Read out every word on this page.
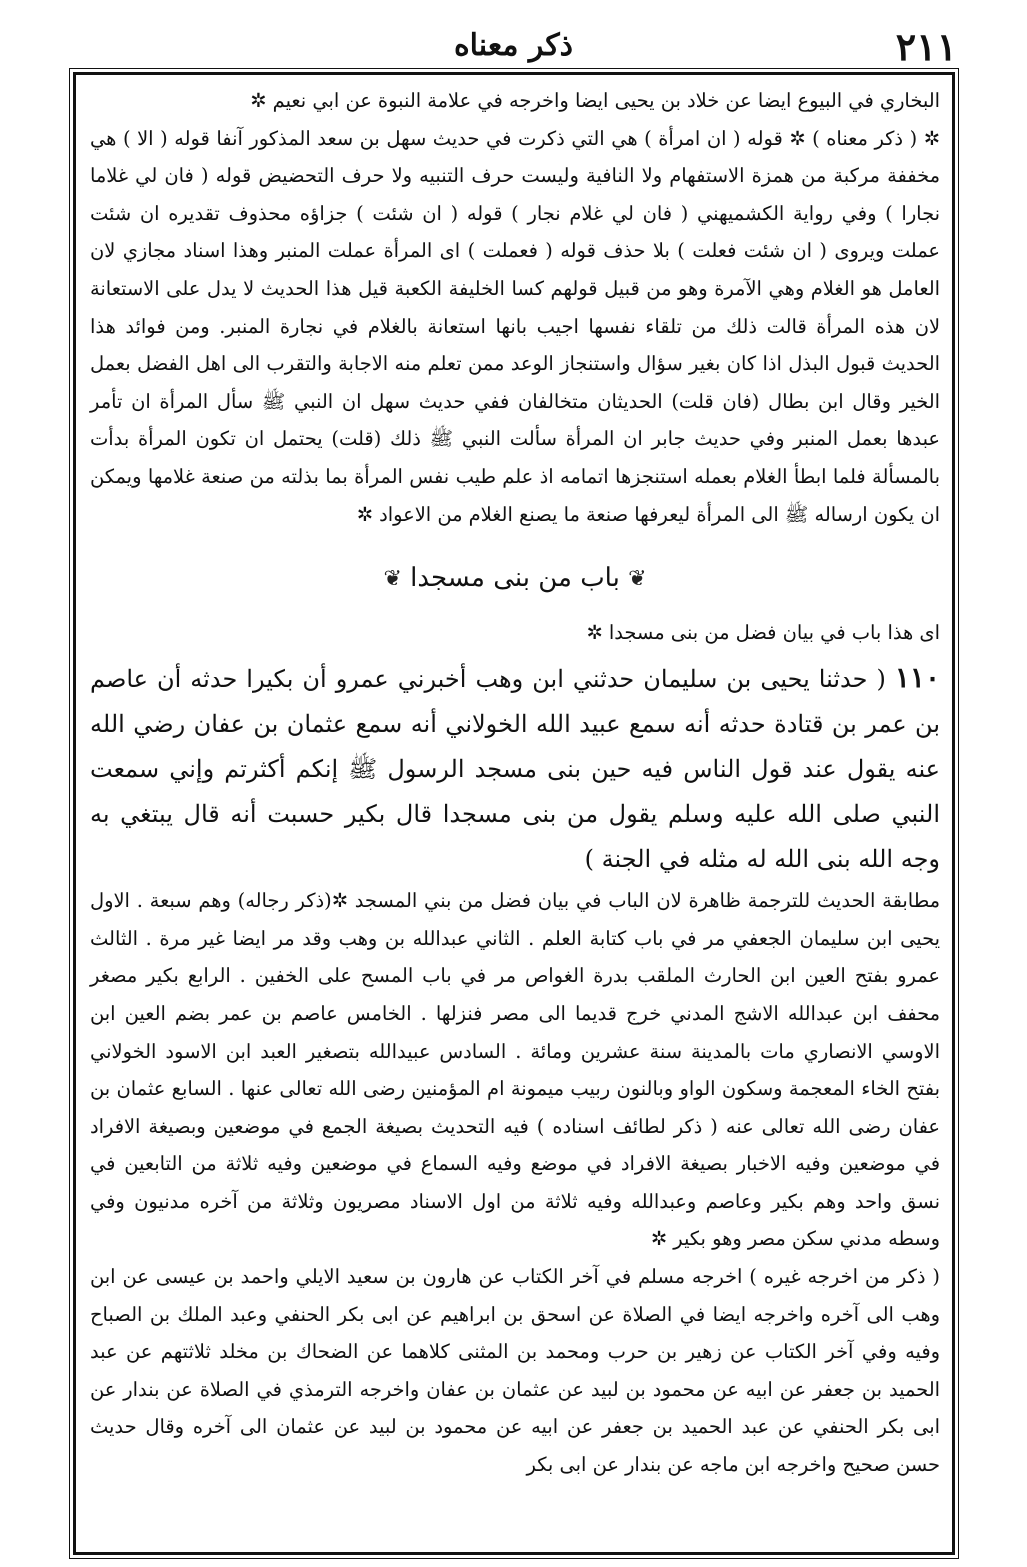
٢١١
ذكر معناه

البخاري في البيوع ايضا عن خلاد بن يحيى ايضا واخرجه في علامة النبوة عن ابي نعيم ✲

✲ ( ذكر معناه ) ✲ قوله ( ان امرأة ) هي التي ذكرت في حديث سهل بن سعد المذكور آنفا قوله ( الا ) هي مخففة مركبة من همزة الاستفهام ولا النافية وليست حرف التنبيه ولا حرف التحضيض قوله ( فان لي غلاما نجارا ) وفي رواية الكشميهني ( فان لي غلام نجار ) قوله ( ان شئت ) جزاؤه محذوف تقديره ان شئت عملت ويروى ( ان شئت فعلت ) بلا حذف قوله ( فعملت ) اى المرأة عملت المنبر وهذا اسناد مجازي لان العامل هو الغلام وهي الآمرة وهو من قبيل قولهم كسا الخليفة الكعبة قيل هذا الحديث لا يدل على الاستعانة لان هذه المرأة قالت ذلك من تلقاء نفسها اجيب بانها استعانة بالغلام في نجارة المنبر. ومن فوائد هذا الحديث قبول البذل اذا كان بغير سؤال واستنجاز الوعد ممن تعلم منه الاجابة والتقرب الى اهل الفضل بعمل الخير وقال ابن بطال (فان قلت) الحديثان متخالفان ففي حديث سهل ان النبي ﷺ سأل المرأة ان تأمر عبدها بعمل المنبر وفي حديث جابر ان المرأة سألت النبي ﷺ ذلك (قلت) يحتمل ان تكون المرأة بدأت بالمسألة فلما ابطأ الغلام بعمله استنجزها اتمامه اذ علم طيب نفس المرأة بما بذلته من صنعة غلامها ويمكن ان يكون ارساله ﷺ الى المرأة ليعرفها صنعة ما يصنع الغلام من الاعواد ✲

❦ باب من بنى مسجدا ❦

اى هذا باب في بيان فضل من بنى مسجدا ✲

١١٠ ( حدثنا يحيى بن سليمان حدثني ابن وهب أخبرني عمرو أن بكيرا حدثه أن عاصم بن عمر بن قتادة حدثه أنه سمع عبيد الله الخولاني أنه سمع عثمان بن عفان رضي الله عنه يقول عند قول الناس فيه حين بنى مسجد الرسول ﷺ إنكم أكثرتم وإني سمعت النبي صلى الله عليه وسلم يقول من بنى مسجدا قال بكير حسبت أنه قال يبتغي به وجه الله بنى الله له مثله في الجنة )

مطابقة الحديث للترجمة ظاهرة لان الباب في بيان فضل من بني المسجد ✲(ذكر رجاله) وهم سبعة . الاول يحيى ابن سليمان الجعفي مر في باب كتابة العلم . الثاني عبدالله بن وهب وقد مر ايضا غير مرة . الثالث عمرو بفتح العين ابن الحارث الملقب بدرة الغواص مر في باب المسح على الخفين . الرابع بكير مصغر محفف ابن عبدالله الاشج المدني خرج قديما الى مصر فنزلها . الخامس عاصم بن عمر بضم العين ابن الاوسي الانصاري مات بالمدينة سنة عشرين ومائة . السادس عبيدالله بتصغير العبد ابن الاسود الخولاني بفتح الخاء المعجمة وسكون الواو وبالنون ربيب ميمونة ام المؤمنين رضى الله تعالى عنها . السابع عثمان بن عفان رضى الله تعالى عنه ( ذكر لطائف اسناده ) فيه التحديث بصيغة الجمع في موضعين وبصيغة الافراد في موضعين وفيه الاخبار بصيغة الافراد في موضع وفيه السماع في موضعين وفيه ثلاثة من التابعين في نسق واحد وهم بكير وعاصم وعبدالله وفيه ثلاثة من اول الاسناد مصريون وثلاثة من آخره مدنيون وفي وسطه مدني سكن مصر وهو بكير ✲

( ذكر من اخرجه غيره ) اخرجه مسلم في آخر الكتاب عن هارون بن سعيد الايلي واحمد بن عيسى عن ابن وهب الى آخره واخرجه ايضا في الصلاة عن اسحق بن ابراهيم عن ابى بكر الحنفي وعبد الملك بن الصباح وفيه وفي آخر الكتاب عن زهير بن حرب ومحمد بن المثنى كلاهما عن الضحاك بن مخلد ثلاثتهم عن عبد الحميد بن جعفر عن ابيه عن محمود بن لبيد عن عثمان بن عفان واخرجه الترمذي في الصلاة عن بندار عن ابى بكر الحنفي عن عبد الحميد بن جعفر عن ابيه عن محمود بن لبيد عن عثمان الى آخره وقال حديث حسن صحيح واخرجه ابن ماجه عن بندار عن ابى بكر
